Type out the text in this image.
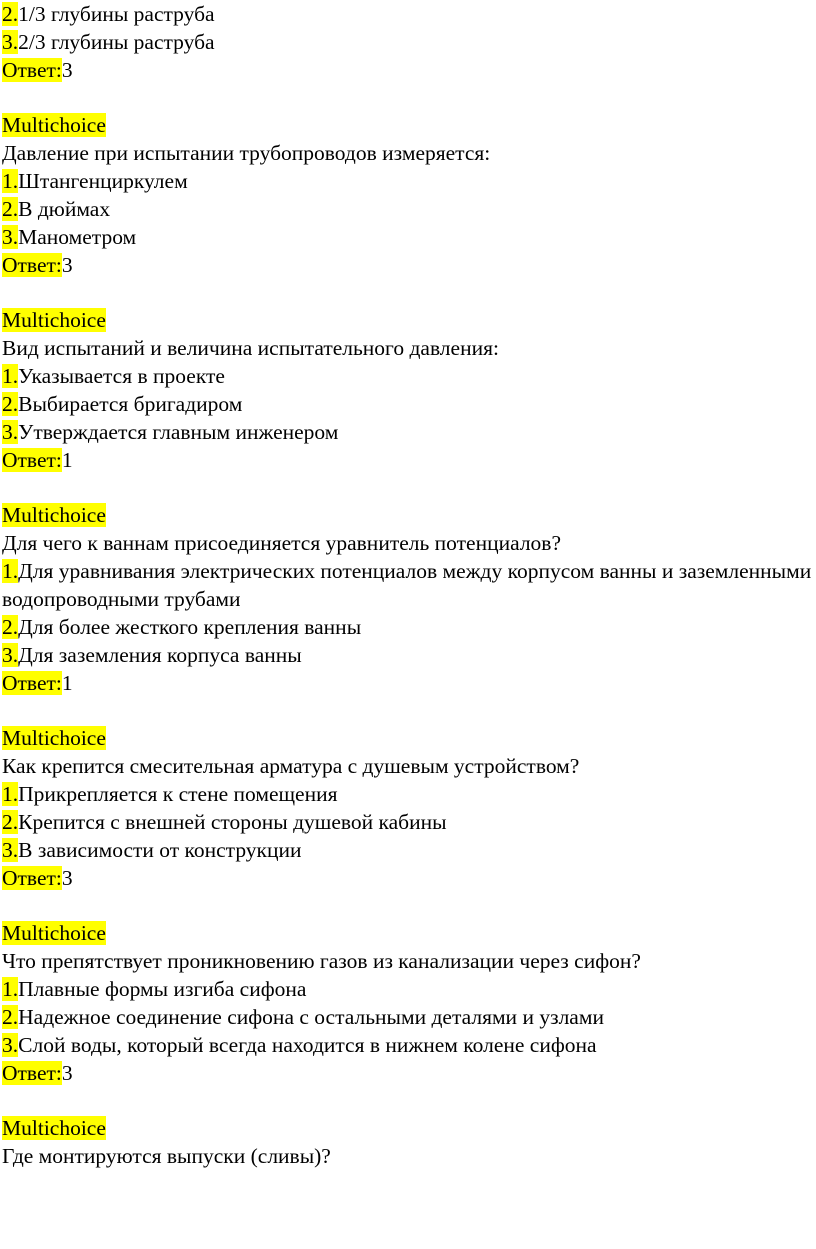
2.1/3 глубины раструба
3.2/3 глубины раструба
Ответ:3
Multichoice
Давление при испытании трубопроводов измеряется:
1.Штангенциркулем
2.В дюймах
3.Манометром
Ответ:3
Multichoice
Вид испытаний и величина испытательного давления:
1.Указывается в проекте
2.Выбирается бригадиром
3.Утверждается главным инженером
Ответ:1
Multichoice
Для чего к ваннам присоединяется уравнитель потенциалов?
1.Для уравнивания электрических потенциалов между корпусом ванны и заземленными водопроводными трубами
2.Для более жесткого крепления ванны
3.Для заземления корпуса ванны
Ответ:1
Multichoice
Как крепится смесительная арматура с душевым устройством?
1.Прикрепляется к стене помещения
2.Крепится с внешней стороны душевой кабины
3.В зависимости от конструкции
Ответ:3
Multichoice
Что препятствует проникновению газов из канализации через сифон?
1.Плавные формы изгиба сифона
2.Надежное соединение сифона с остальными деталями и узлами
3.Слой воды, который всегда находится в нижнем колене сифона
Ответ:3
Multichoice
Где монтируются выпуски (сливы)?
